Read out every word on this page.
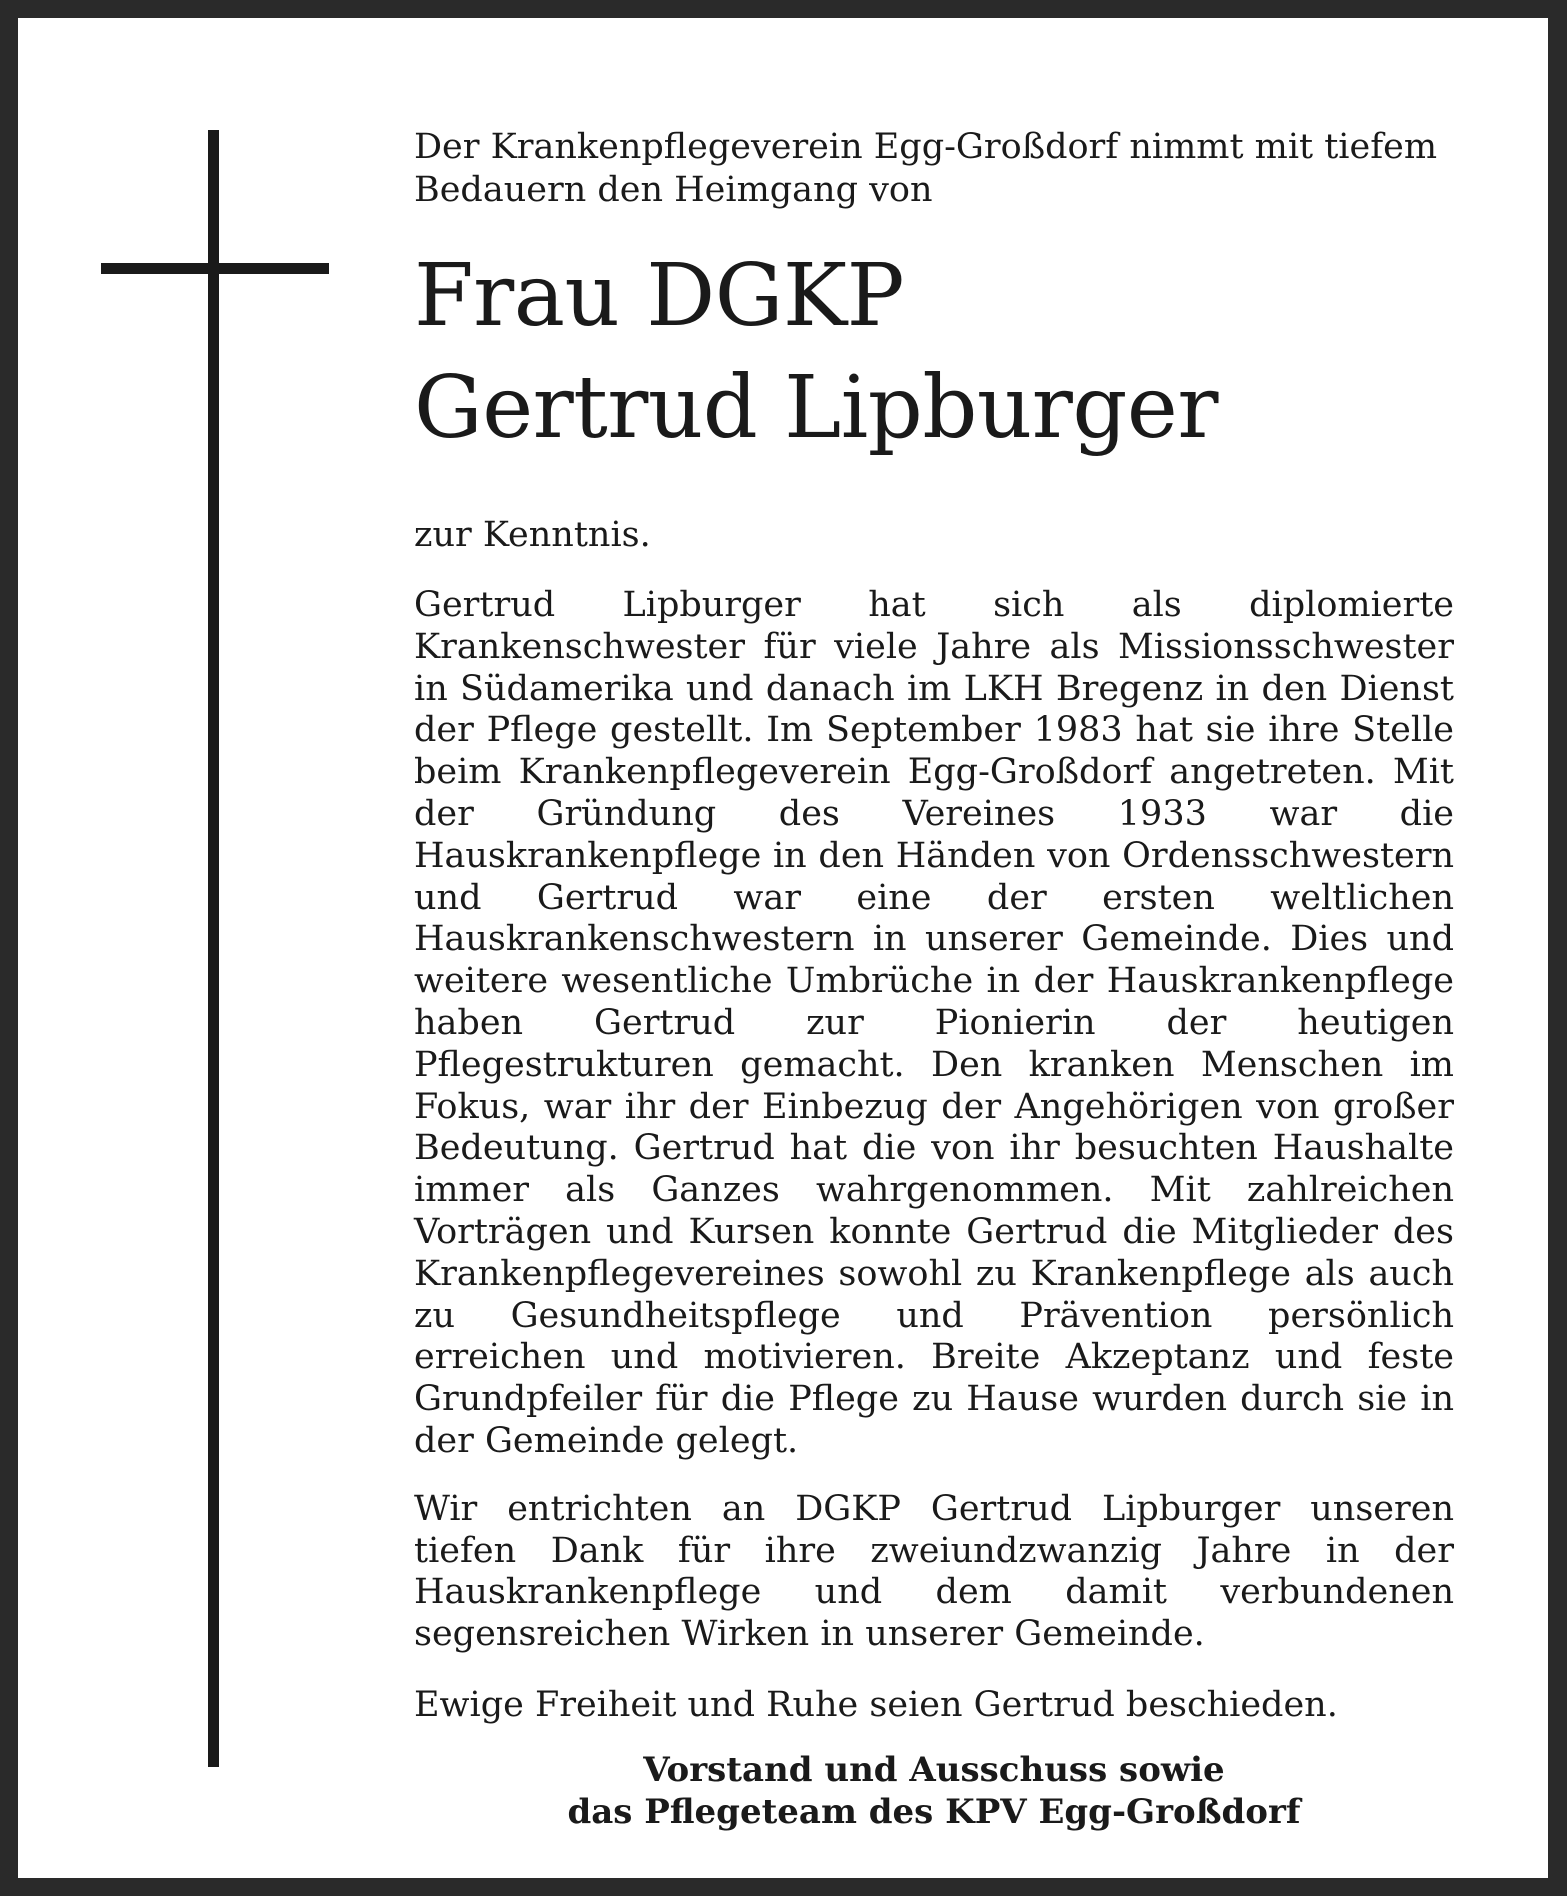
Der Krankenpflegeverein Egg-Großdorf nimmt mit tiefem Bedauern den Heimgang von

Frau DGKP
Gertrud Lipburger

zur Kenntnis.

Gertrud Lipburger hat sich als diplomierte Krankenschwester für viele Jahre als Missionsschwester in Südamerika und danach im LKH Bregenz in den Dienst der Pflege gestellt. Im September 1983 hat sie ihre Stelle beim Krankenpflegeverein Egg-Großdorf angetreten. Mit der Gründung des Vereines 1933 war die Hauskrankenpflege in den Händen von Ordensschwestern und Gertrud war eine der ersten weltlichen Hauskrankenschwestern in unserer Gemeinde. Dies und weitere wesentliche Umbrüche in der Hauskrankenpflege haben Gertrud zur Pionierin der heutigen Pflegestrukturen gemacht. Den kranken Menschen im Fokus, war ihr der Einbezug der Angehörigen von großer Bedeutung. Gertrud hat die von ihr besuchten Haushalte immer als Ganzes wahrgenommen. Mit zahlreichen Vorträgen und Kursen konnte Gertrud die Mitglieder des Krankenpflegevereines sowohl zu Krankenpflege als auch zu Gesundheitspflege und Prävention persönlich erreichen und motivieren. Breite Akzeptanz und feste Grundpfeiler für die Pflege zu Hause wurden durch sie in der Gemeinde gelegt.

Wir entrichten an DGKP Gertrud Lipburger unseren tiefen Dank für ihre zweiundzwanzig Jahre in der Hauskrankenpflege und dem damit verbundenen segensreichen Wirken in unserer Gemeinde.

Ewige Freiheit und Ruhe seien Gertrud beschieden.

Vorstand und Ausschuss sowie
das Pflegeteam des KPV Egg-Großdorf
